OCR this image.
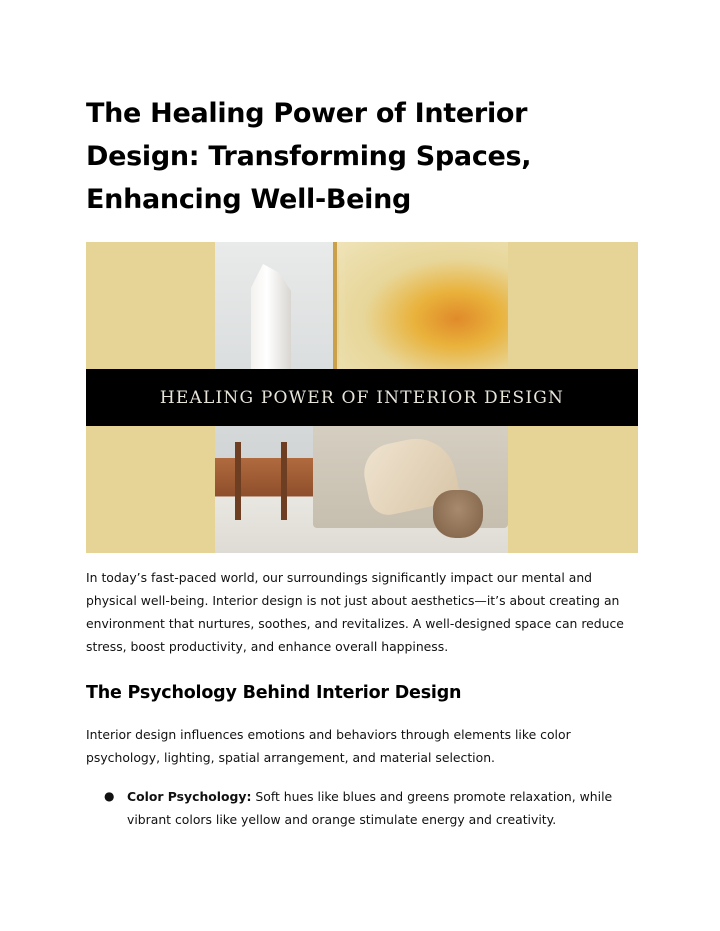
The Healing Power of Interior
Design: Transforming Spaces,
Enhancing Well-Being
HEALING POWER OF INTERIOR DESIGN

In today’s fast-paced world, our surroundings significantly impact our mental and physical well-being. Interior design is not just about aesthetics—it’s about creating an environment that nurtures, soothes, and revitalizes. A well-designed space can reduce stress, boost productivity, and enhance overall happiness.

The Psychology Behind Interior Design

Interior design influences emotions and behaviors through elements like color psychology, lighting, spatial arrangement, and material selection.

● Color Psychology: Soft hues like blues and greens promote relaxation, while vibrant colors like yellow and orange stimulate energy and creativity.
